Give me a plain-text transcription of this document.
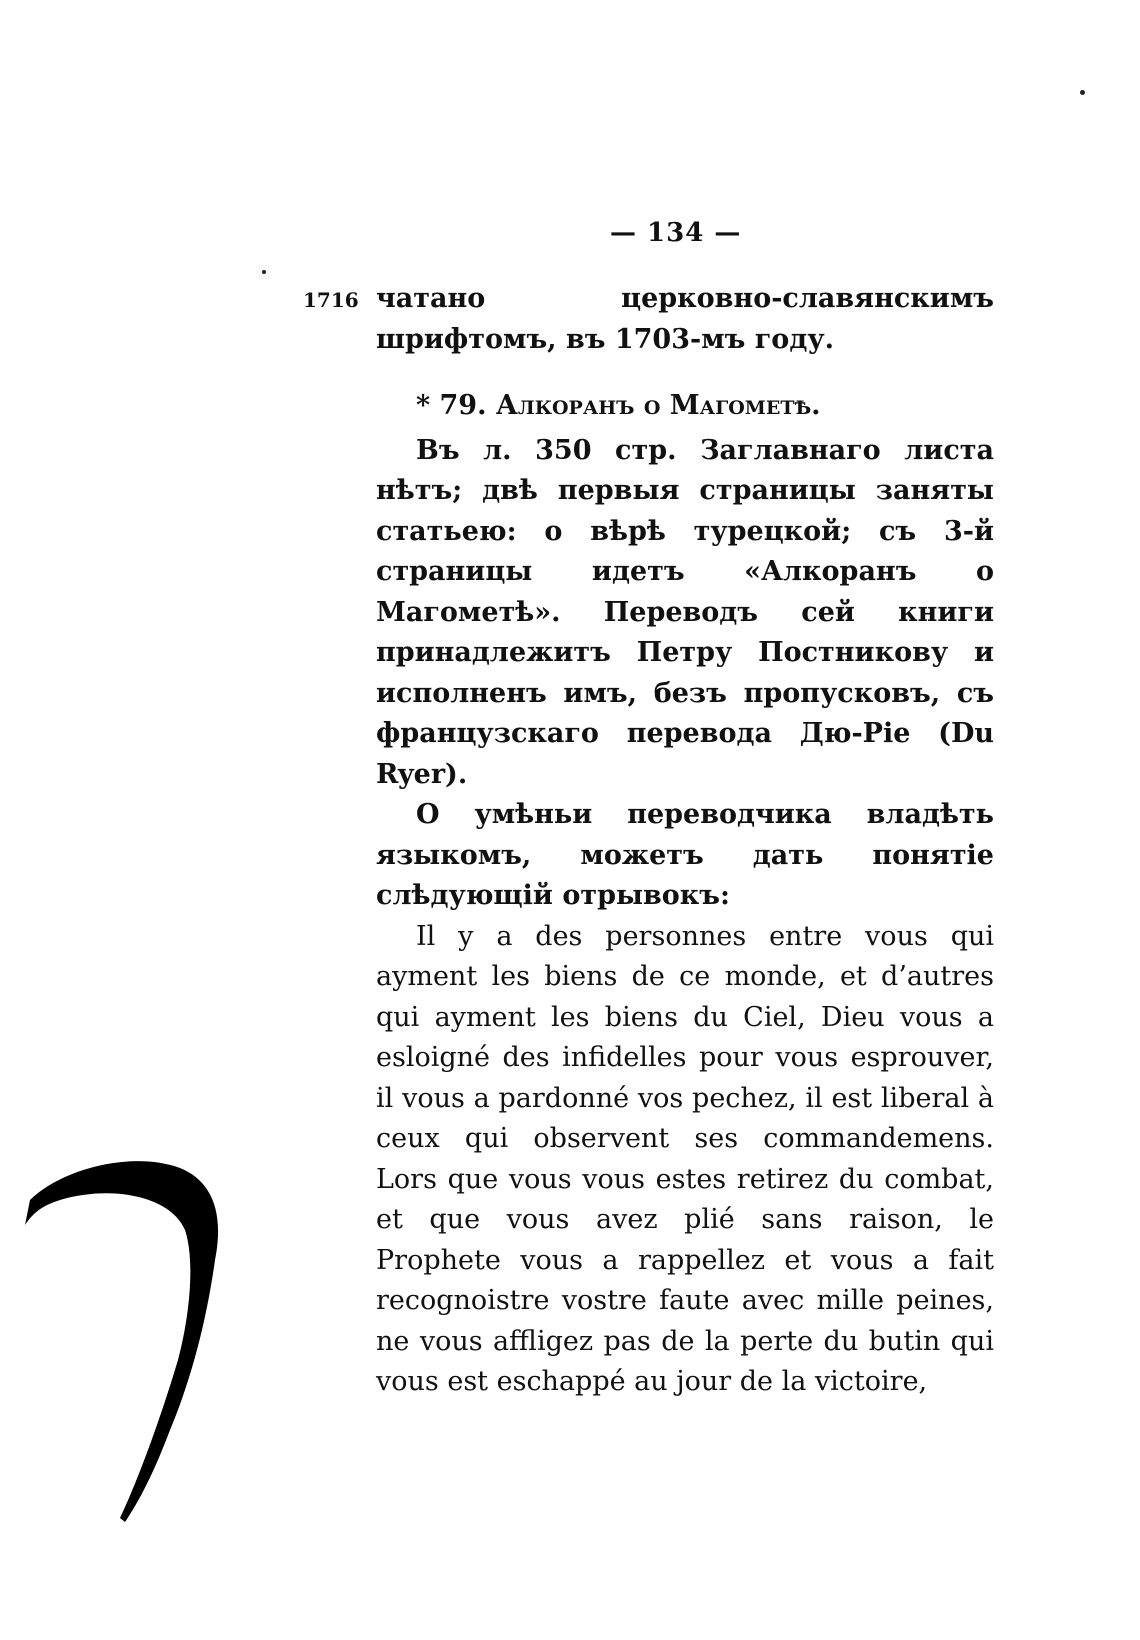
— 134 —
1716 чатано церковно-славянскимъ шрифтомъ, въ 1703-мъ году.

* 79. Алкоранъ о Магометѣ.

Въ л. 350 стр. Заглавнаго листа нѣтъ; двѣ первыя страницы заняты статьею: о вѣрѣ турецкой; съ 3-й страницы идетъ «Алкоранъ о Магометѣ». Переводъ сей книги принадлежитъ Петру Постникову и исполненъ имъ, безъ пропусковъ, съ французскаго перевода Дю-Рiе (Du Ryer).

О умѣньи переводчика владѣть языкомъ, можетъ дать понятiе слѣдующiй отрывокъ:

Il y a des personnes entre vous qui ayment les biens de ce monde, et d’autres qui ayment les biens du Ciel, Dieu vous a esloigné des infidelles pour vous esprouver, il vous a pardonné vos pechez, il est liberal à ceux qui observent ses commandemens. Lors que vous vous estes retirez du combat, et que vous avez plié sans raison, le Prophete vous a rappellez et vous a fait recognoistre vostre faute avec mille peines, ne vous affligez pas de la perte du butin qui vous est eschappé au jour de la victoire,
